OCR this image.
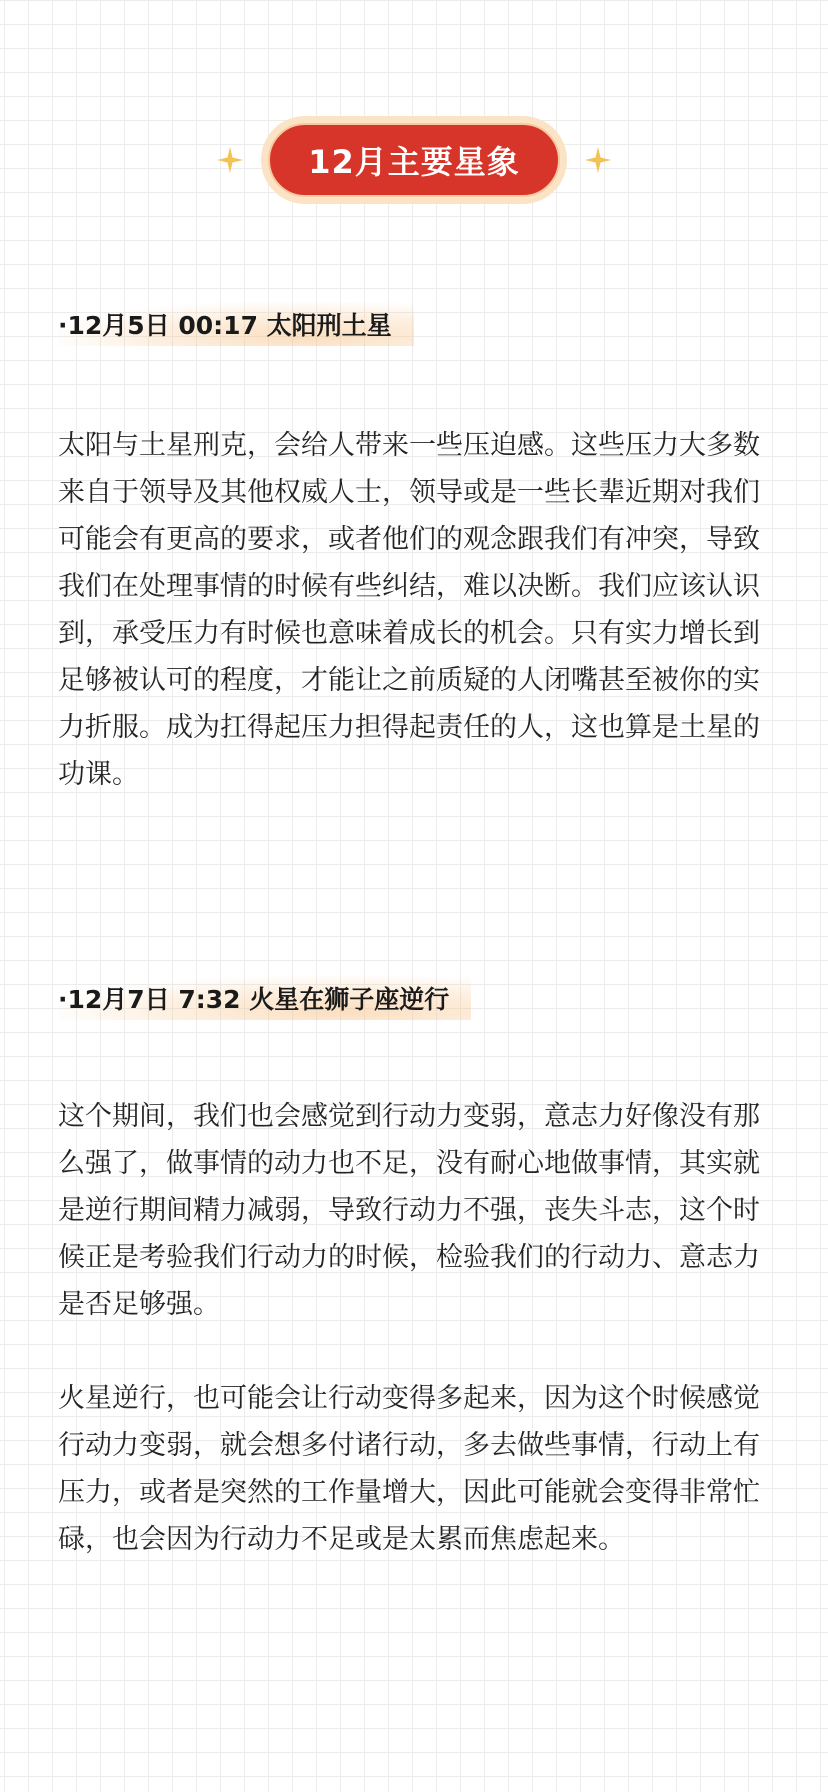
12月主要星象
·12月5日 00:17 太阳刑土星

太阳与土星刑克，会给人带来一些压迫感。这些压力大多数来自于领导及其他权威人士，领导或是一些长辈近期对我们可能会有更高的要求，或者他们的观念跟我们有冲突，导致我们在处理事情的时候有些纠结，难以决断。我们应该认识到，承受压力有时候也意味着成长的机会。只有实力增长到足够被认可的程度，才能让之前质疑的人闭嘴甚至被你的实力折服。成为扛得起压力担得起责任的人，这也算是土星的功课。

·12月7日 7:32 火星在狮子座逆行

这个期间，我们也会感觉到行动力变弱，意志力好像没有那么强了，做事情的动力也不足，没有耐心地做事情，其实就是逆行期间精力减弱，导致行动力不强，丧失斗志，这个时候正是考验我们行动力的时候，检验我们的行动力、意志力是否足够强。

火星逆行，也可能会让行动变得多起来，因为这个时候感觉行动力变弱，就会想多付诸行动，多去做些事情，行动上有压力，或者是突然的工作量增大，因此可能就会变得非常忙碌，也会因为行动力不足或是太累而焦虑起来。
